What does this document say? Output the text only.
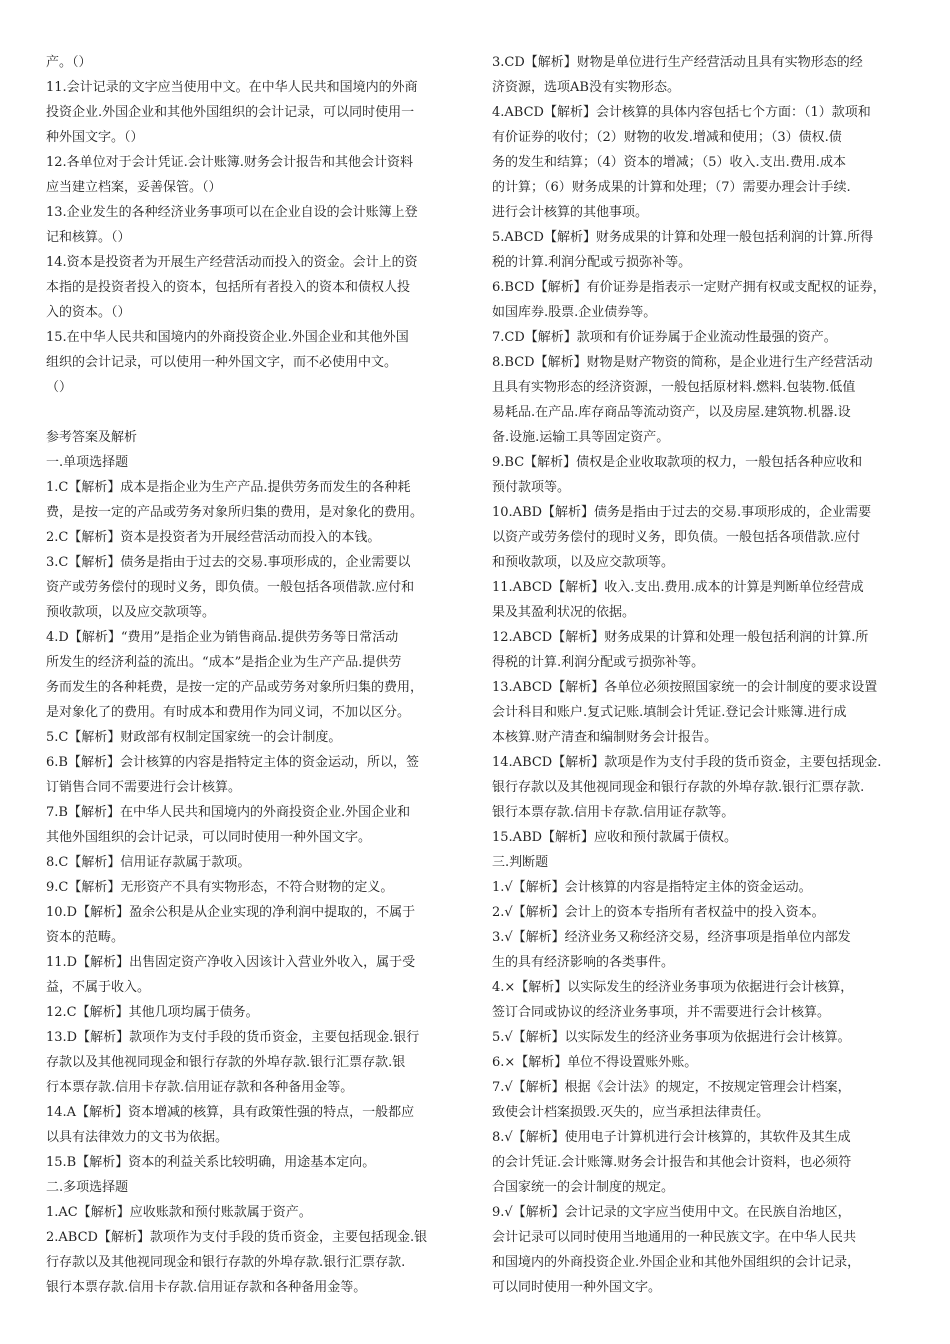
产。（）
11.会计记录的文字应当使用中文。在中华人民共和国境内的外商
投资企业.外国企业和其他外国组织的会计记录，可以同时使用一
种外国文字。（）
12.各单位对于会计凭证.会计账簿.财务会计报告和其他会计资料
应当建立档案，妥善保管。（）
13.企业发生的各种经济业务事项可以在企业自设的会计账簿上登
记和核算。（）
14.资本是投资者为开展生产经营活动而投入的资金。会计上的资
本指的是投资者投入的资本，包括所有者投入的资本和债权人投
入的资本。（）
15.在中华人民共和国境内的外商投资企业.外国企业和其他外国
组织的会计记录，可以使用一种外国文字，而不必使用中文。
（）
参考答案及解析
一.单项选择题
1.C【解析】成本是指企业为生产产品.提供劳务而发生的各种耗
费，是按一定的产品或劳务对象所归集的费用，是对象化的费用。
2.C【解析】资本是投资者为开展经营活动而投入的本钱。
3.C【解析】债务是指由于过去的交易.事项形成的，企业需要以
资产或劳务偿付的现时义务，即负债。一般包括各项借款.应付和
预收款项，以及应交款项等。
4.D【解析】“费用”是指企业为销售商品.提供劳务等日常活动
所发生的经济利益的流出。“成本”是指企业为生产产品.提供劳
务而发生的各种耗费，是按一定的产品或劳务对象所归集的费用，
是对象化了的费用。有时成本和费用作为同义词，不加以区分。
5.C【解析】财政部有权制定国家统一的会计制度。
6.B【解析】会计核算的内容是指特定主体的资金运动，所以，签
订销售合同不需要进行会计核算。
7.B【解析】在中华人民共和国境内的外商投资企业.外国企业和
其他外国组织的会计记录，可以同时使用一种外国文字。
8.C【解析】信用证存款属于款项。
9.C【解析】无形资产不具有实物形态，不符合财物的定义。
10.D【解析】盈余公积是从企业实现的净利润中提取的，不属于
资本的范畴。
11.D【解析】出售固定资产净收入因该计入营业外收入，属于受
益，不属于收入。
12.C【解析】其他几项均属于债务。
13.D【解析】款项作为支付手段的货币资金，主要包括现金.银行
存款以及其他视同现金和银行存款的外埠存款.银行汇票存款.银
行本票存款.信用卡存款.信用证存款和各种备用金等。
14.A【解析】资本增减的核算，具有政策性强的特点，一般都应
以具有法律效力的文书为依据。
15.B【解析】资本的利益关系比较明确，用途基本定向。
二.多项选择题
1.AC【解析】应收账款和预付账款属于资产。
2.ABCD【解析】款项作为支付手段的货币资金，主要包括现金.银
行存款以及其他视同现金和银行存款的外埠存款.银行汇票存款.
银行本票存款.信用卡存款.信用证存款和各种备用金等。
3.CD【解析】财物是单位进行生产经营活动且具有实物形态的经
济资源，选项AB没有实物形态。
4.ABCD【解析】会计核算的具体内容包括七个方面：（1）款项和
有价证券的收付；（2）财物的收发.增减和使用；（3）债权.债
务的发生和结算；（4）资本的增减；（5）收入.支出.费用.成本
的计算；（6）财务成果的计算和处理；（7）需要办理会计手续.
进行会计核算的其他事项。
5.ABCD【解析】财务成果的计算和处理一般包括利润的计算.所得
税的计算.利润分配或亏损弥补等。
6.BCD【解析】有价证券是指表示一定财产拥有权或支配权的证券，
如国库券.股票.企业债券等。
7.CD【解析】款项和有价证券属于企业流动性最强的资产。
8.BCD【解析】财物是财产物资的简称，是企业进行生产经营活动
且具有实物形态的经济资源，一般包括原材料.燃料.包装物.低值
易耗品.在产品.库存商品等流动资产，以及房屋.建筑物.机器.设
备.设施.运输工具等固定资产。
9.BC【解析】债权是企业收取款项的权力，一般包括各种应收和
预付款项等。
10.ABD【解析】债务是指由于过去的交易.事项形成的，企业需要
以资产或劳务偿付的现时义务，即负债。一般包括各项借款.应付
和预收款项，以及应交款项等。
11.ABCD【解析】收入.支出.费用.成本的计算是判断单位经营成
果及其盈利状况的依据。
12.ABCD【解析】财务成果的计算和处理一般包括利润的计算.所
得税的计算.利润分配或亏损弥补等。
13.ABCD【解析】各单位必须按照国家统一的会计制度的要求设置
会计科目和账户.复式记账.填制会计凭证.登记会计账簿.进行成
本核算.财产清查和编制财务会计报告。
14.ABCD【解析】款项是作为支付手段的货币资金，主要包括现金.
银行存款以及其他视同现金和银行存款的外埠存款.银行汇票存款.
银行本票存款.信用卡存款.信用证存款等。
15.ABD【解析】应收和预付款属于债权。
三.判断题
1.√【解析】会计核算的内容是指特定主体的资金运动。
2.√【解析】会计上的资本专指所有者权益中的投入资本。
3.√【解析】经济业务又称经济交易，经济事项是指单位内部发
生的具有经济影响的各类事件。
4.×【解析】以实际发生的经济业务事项为依据进行会计核算，
签订合同或协议的经济业务事项，并不需要进行会计核算。
5.√【解析】以实际发生的经济业务事项为依据进行会计核算。
6.×【解析】单位不得设置账外账。
7.√【解析】根据《会计法》的规定，不按规定管理会计档案，
致使会计档案损毁.灭失的，应当承担法律责任。
8.√【解析】使用电子计算机进行会计核算的，其软件及其生成
的会计凭证.会计账簿.财务会计报告和其他会计资料，也必须符
合国家统一的会计制度的规定。
9.√【解析】会计记录的文字应当使用中文。在民族自治地区，
会计记录可以同时使用当地通用的一种民族文字。在中华人民共
和国境内的外商投资企业.外国企业和其他外国组织的会计记录，
可以同时使用一种外国文字。
